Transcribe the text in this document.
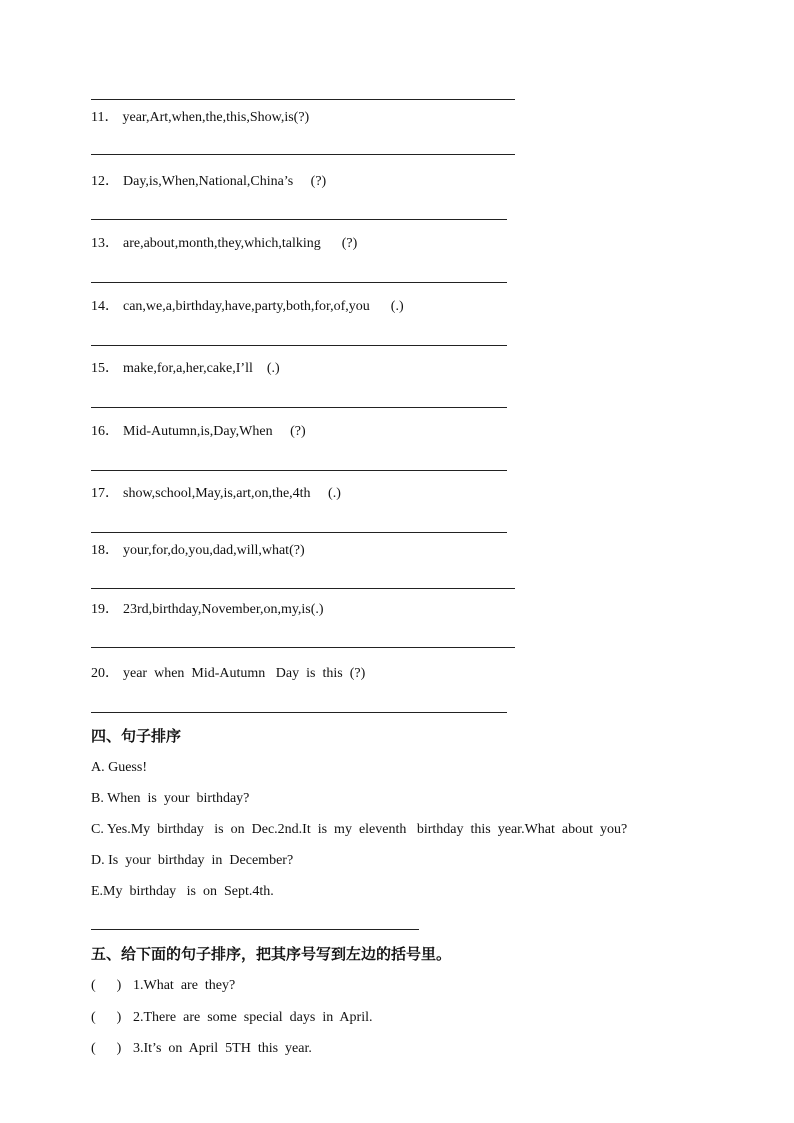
11． year,Art,when,the,this,Show,is(?)
12． Day,is,When,National,China’s     (?)
13． are,about,month,they,which,talking      (?)
14． can,we,a,birthday,have,party,both,for,of,you      (.)
15． make,for,a,her,cake,I’ll    (.)
16． Mid-Autumn,is,Day,When     (?)
17． show,school,May,is,art,on,the,4th     (.)
18． your,for,do,you,dad,will,what(?)
19． 23rd,birthday,November,on,my,is(.)
20． year  when  Mid-Autumn   Day  is  this  (?)
四、句子排序
A. Guess!
B. When  is  your  birthday?
C. Yes.My  birthday   is  on  Dec.2nd.It  is  my  eleventh   birthday  this  year.What  about  you?
D. Is  your  birthday  in  December?
E.My  birthday   is  on  Sept.4th.
五、给下面的句子排序，把其序号写到左边的括号里。
(      ) 1.What  are  they?
(      ) 2.There  are  some  special  days  in  April.
(      ) 3.It’s  on  April  5TH  this  year.
